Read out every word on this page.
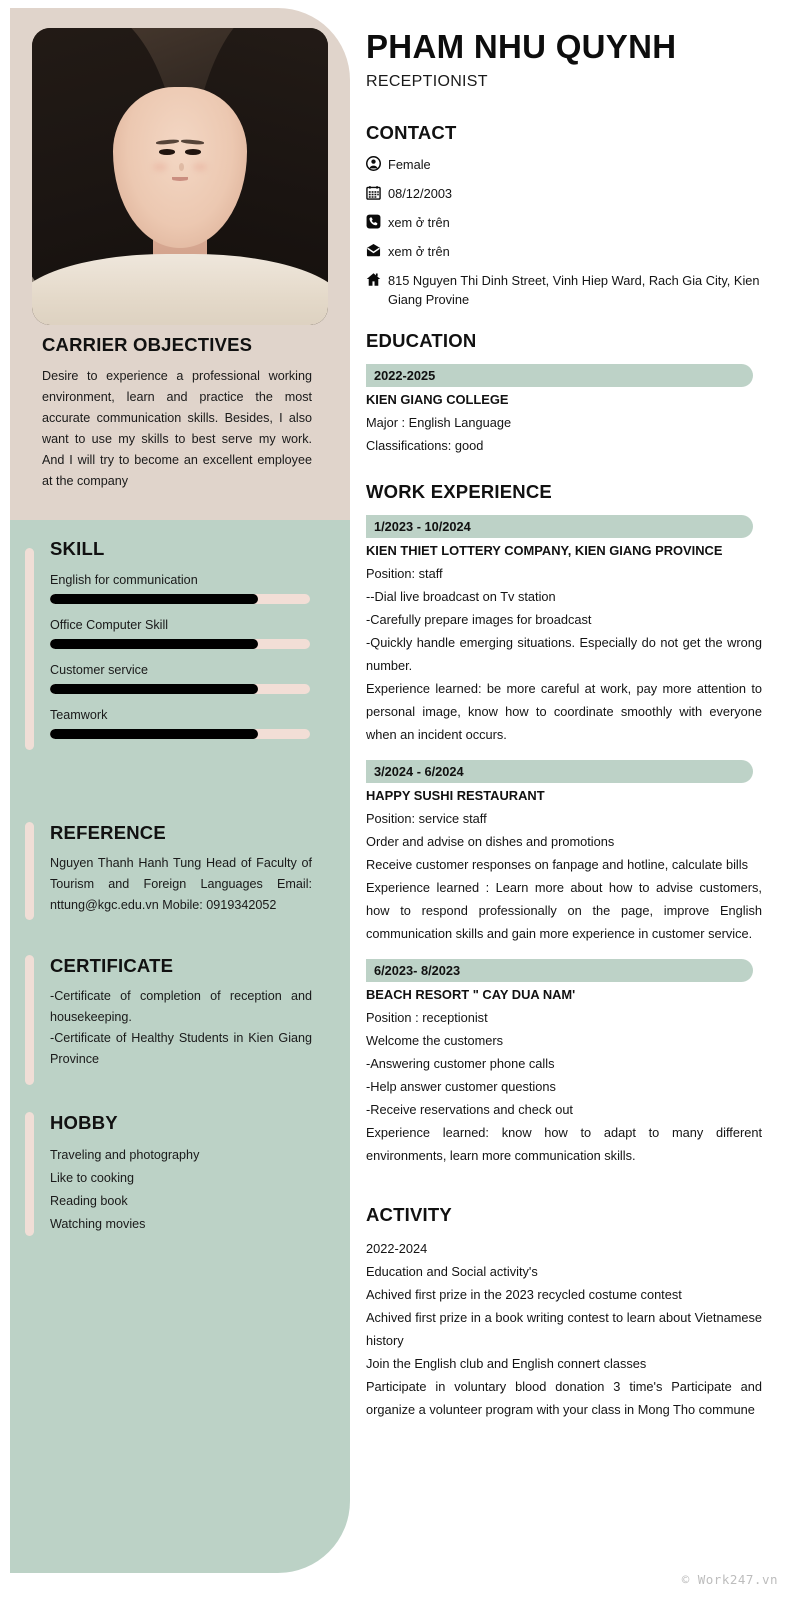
CARRIER OBJECTIVES
Desire to experience a professional working environment, learn and practice the most accurate communication skills. Besides, I also want to use my skills to best serve my work. And I will try to become an excellent employee at the company
SKILL
English for communication
Office Computer Skill
Customer service
Teamwork
REFERENCE
Nguyen Thanh Hanh Tung Head of Faculty of Tourism and Foreign Languages Email: nttung@kgc.edu.vn Mobile: 0919342052
CERTIFICATE
-Certificate of completion of reception and housekeeping.
-Certificate of Healthy Students in Kien Giang Province
HOBBY
Traveling and photography
Like to cooking
Reading book
Watching movies
PHAM NHU QUYNH
RECEPTIONIST
CONTACT
Female
08/12/2003
xem ở trên
xem ở trên
815 Nguyen Thi Dinh Street, Vinh Hiep Ward, Rach Gia City, Kien Giang Provine
EDUCATION
2022-2025
KIEN GIANG COLLEGE
Major : English Language
Classifications: good
WORK EXPERIENCE
1/2023 - 10/2024
KIEN THIET LOTTERY COMPANY, KIEN GIANG PROVINCE
Position: staff
--Dial live broadcast on Tv station
-Carefully prepare images for broadcast
-Quickly handle emerging situations. Especially do not get the wrong number.
Experience learned: be more careful at work, pay more attention to personal image, know how to coordinate smoothly with everyone when an incident occurs.
3/2024 - 6/2024
HAPPY SUSHI RESTAURANT
Position: service staff
Order and advise on dishes and promotions
Receive customer responses on fanpage and hotline, calculate bills
Experience learned : Learn more about how to advise customers, how to respond professionally on the page, improve English communication skills and gain more experience in customer service.
6/2023- 8/2023
BEACH RESORT " CAY DUA NAM'
Position : receptionist
Welcome the customers
-Answering customer phone calls
-Help answer customer questions
-Receive reservations and check out
Experience learned: know how to adapt to many different environments, learn more communication skills.
ACTIVITY
2022-2024
Education and Social activity's
Achived first prize in the 2023 recycled costume contest
Achived first prize in a book writing contest to learn about Vietnamese history
Join the English club and English connert classes
Participate in voluntary blood donation 3 time's Participate and organize a volunteer program with your class in Mong Tho commune
© Work247.vn
